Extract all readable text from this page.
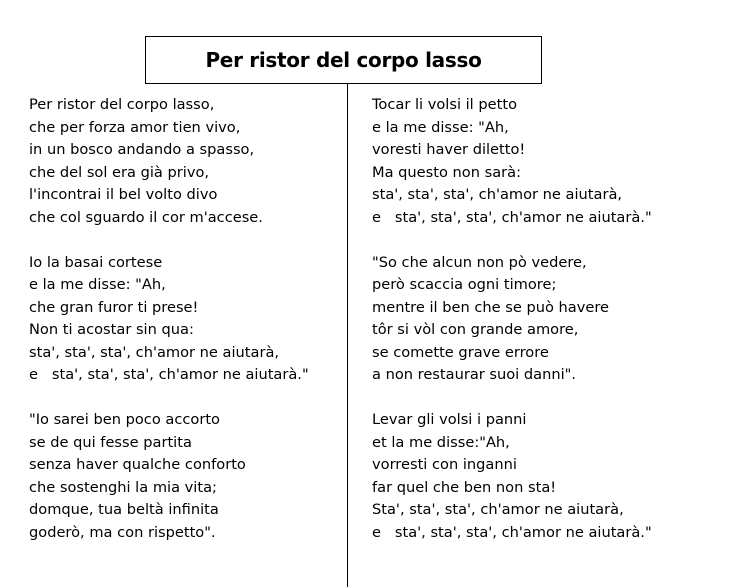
Per ristor del corpo lasso
Per ristor del corpo lasso,
che per forza amor tien vivo,
in un bosco andando a spasso,
che del sol era già privo,
l'incontrai il bel volto divo
che col sguardo il cor m'accese.
Io la basai cortese
e la me disse: "Ah,
che gran furor ti prese!
Non ti acostar sin qua:
sta', sta', sta', ch'amor ne aiutarà,
e   sta', sta', sta', ch'amor ne aiutarà."
"Io sarei ben poco accorto
se de qui fesse partita
senza haver qualche conforto
che sostenghi la mia vita;
domque, tua beltà infinita
goderò, ma con rispetto".
Tocar li volsi il petto
e la me disse: "Ah,
voresti haver diletto!
Ma questo non sarà:
sta', sta', sta', ch'amor ne aiutarà,
e   sta', sta', sta', ch'amor ne aiutarà."
"So che alcun non pò vedere,
però scaccia ogni timore;
mentre il ben che se può havere
tôr si vòl con grande amore,
se comette grave errore
a non restaurar suoi danni".
Levar gli volsi i panni
et la me disse:"Ah,
vorresti con inganni
far quel che ben non sta!
Sta', sta', sta', ch'amor ne aiutarà,
e   sta', sta', sta', ch'amor ne aiutarà."
